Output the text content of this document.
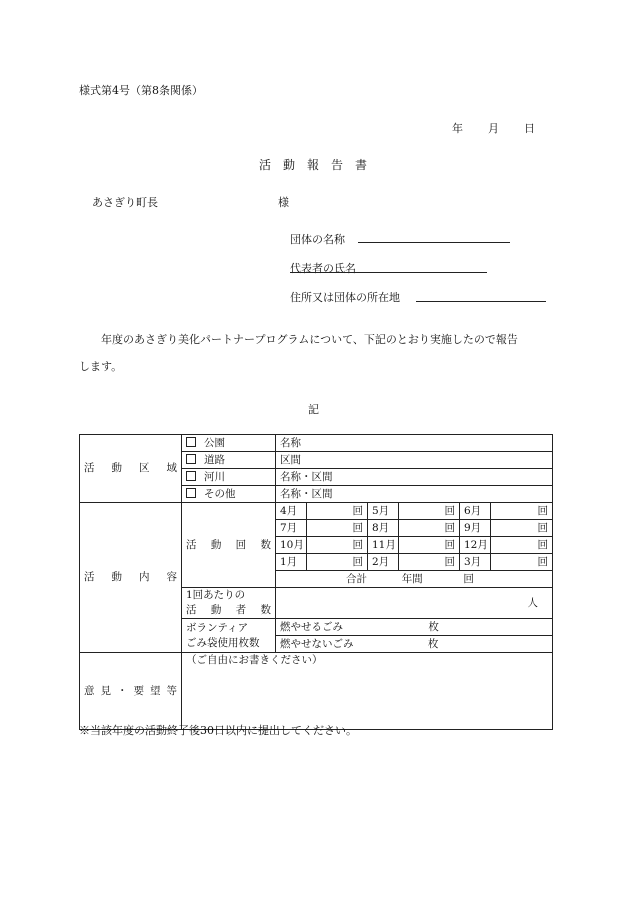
様式第4号（第8条関係）
年 月 日
活　動　報　告　書
あさぎり町長	様
団体の名称
代表者の氏名
住所又は団体の所在地
年度のあさぎり美化パートナープログラムについて、下記のとおり実施したので報告
します。
記
活動区域	公園	名称					
	道路	区間					
	河川	名称・区間					
	その他	名称・区間					
活動内容	活動回数	4月	回	5月	回	6月	回
		7月	回	8月	回	9月	回
		10月	回	11月	回	12月	回
		1月	回	2月	回	3月	回
		合計 年間 回					

	1回あたりの
活動者数	人					

	ボランティア
ごみ袋使用枚数	燃やせるごみ 枚					
		燃やせないごみ 枚					
意見・要望等	（ご自由にお書きください）						
※当該年度の活動終了後30日以内に提出してください。
